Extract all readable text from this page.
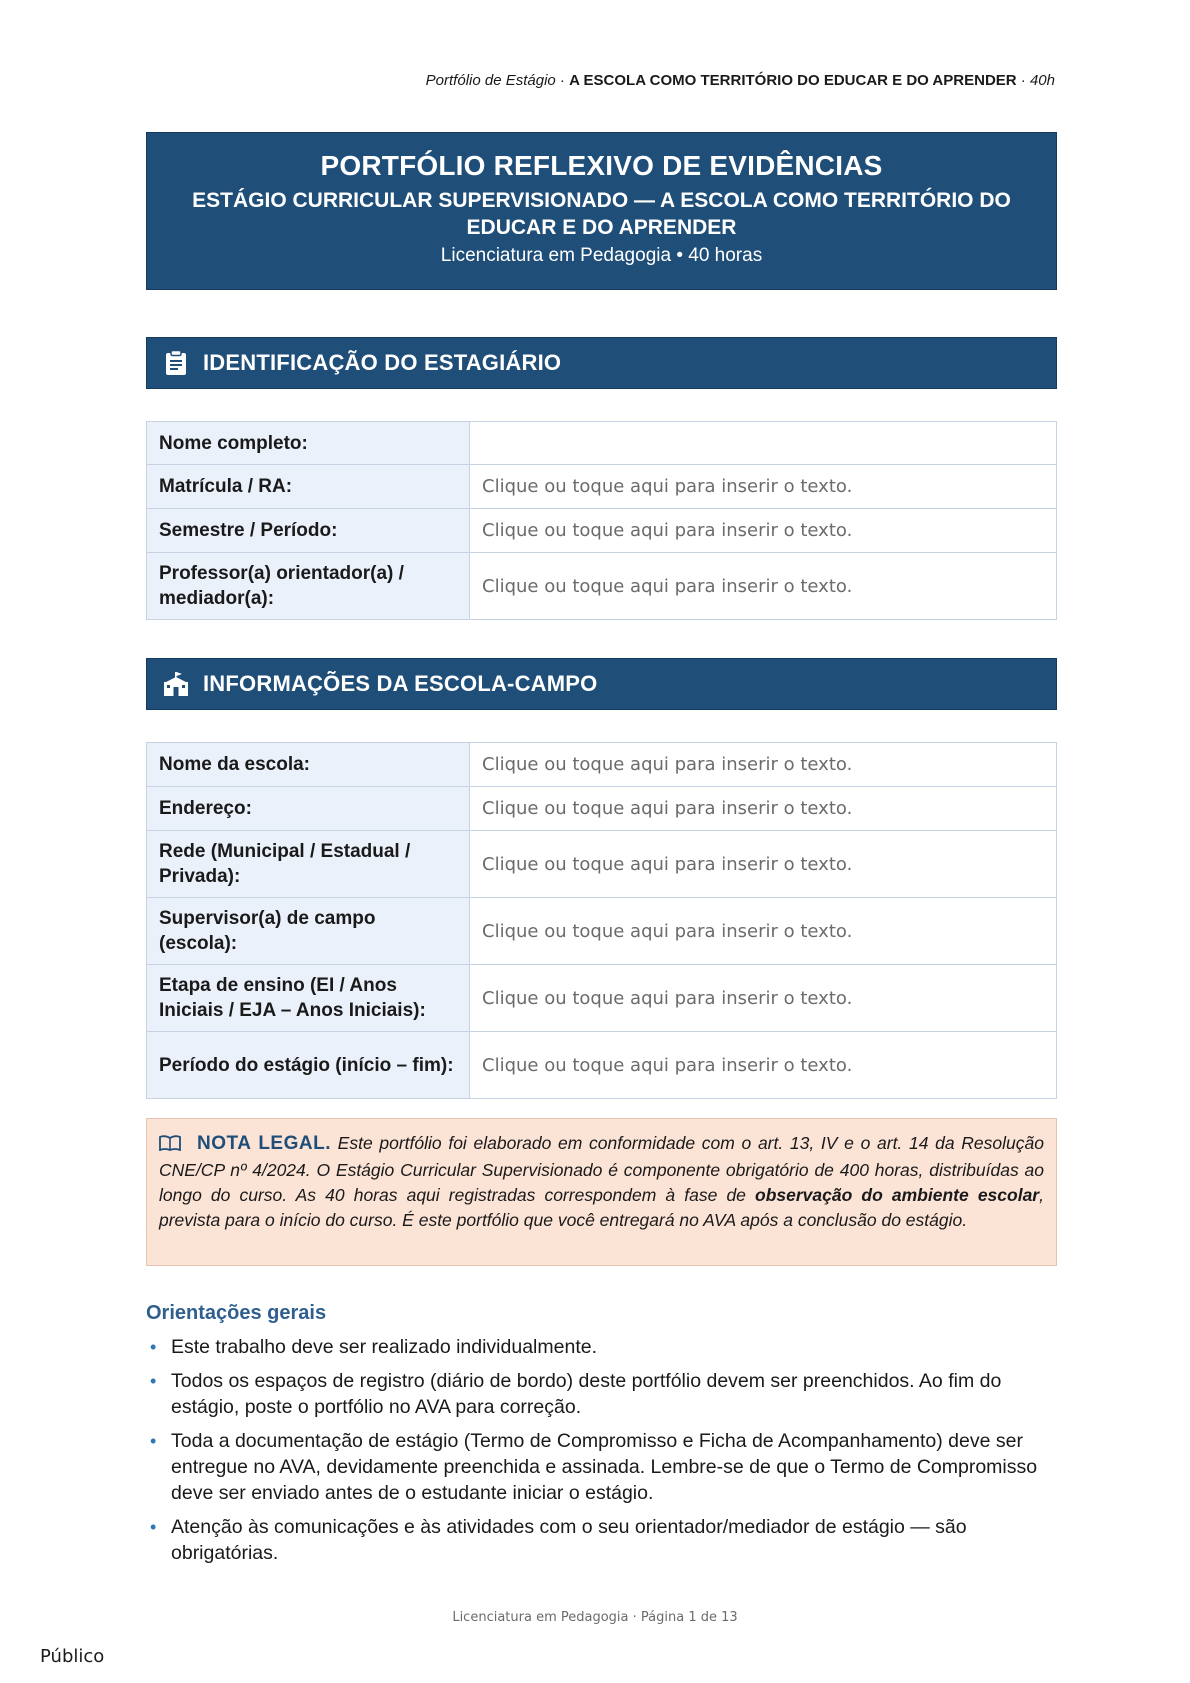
Portfólio de Estágio · A ESCOLA COMO TERRITÓRIO DO EDUCAR E DO APRENDER · 40h
PORTFÓLIO REFLEXIVO DE EVIDÊNCIAS
ESTÁGIO CURRICULAR SUPERVISIONADO — A ESCOLA COMO TERRITÓRIO DO EDUCAR E DO APRENDER
Licenciatura em Pedagogia • 40 horas
IDENTIFICAÇÃO DO ESTAGIÁRIO
Nome completo:	
Matrícula / RA:	Clique ou toque aqui para inserir o texto.
Semestre / Período:	Clique ou toque aqui para inserir o texto.
Professor(a) orientador(a) / mediador(a):	Clique ou toque aqui para inserir o texto.
INFORMAÇÕES DA ESCOLA-CAMPO
Nome da escola:	Clique ou toque aqui para inserir o texto.
Endereço:	Clique ou toque aqui para inserir o texto.
Rede (Municipal / Estadual / Privada):	Clique ou toque aqui para inserir o texto.
Supervisor(a) de campo (escola):	Clique ou toque aqui para inserir o texto.
Etapa de ensino (EI / Anos Iniciais / EJA – Anos Iniciais):	Clique ou toque aqui para inserir o texto.
Período do estágio (início – fim):	Clique ou toque aqui para inserir o texto.
NOTA LEGAL. Este portfólio foi elaborado em conformidade com o art. 13, IV e o art. 14 da Resolução CNE/CP nº 4/2024. O Estágio Curricular Supervisionado é componente obrigatório de 400 horas, distribuídas ao longo do curso. As 40 horas aqui registradas correspondem à fase de observação do ambiente escolar, prevista para o início do curso. É este portfólio que você entregará no AVA após a conclusão do estágio.
Orientações gerais
• Este trabalho deve ser realizado individualmente.
• Todos os espaços de registro (diário de bordo) deste portfólio devem ser preenchidos. Ao fim do estágio, poste o portfólio no AVA para correção.
• Toda a documentação de estágio (Termo de Compromisso e Ficha de Acompanhamento) deve ser entregue no AVA, devidamente preenchida e assinada. Lembre-se de que o Termo de Compromisso deve ser enviado antes de o estudante iniciar o estágio.
• Atenção às comunicações e às atividades com o seu orientador/mediador de estágio — são obrigatórias.
Licenciatura em Pedagogia · Página 1 de 13
Público
